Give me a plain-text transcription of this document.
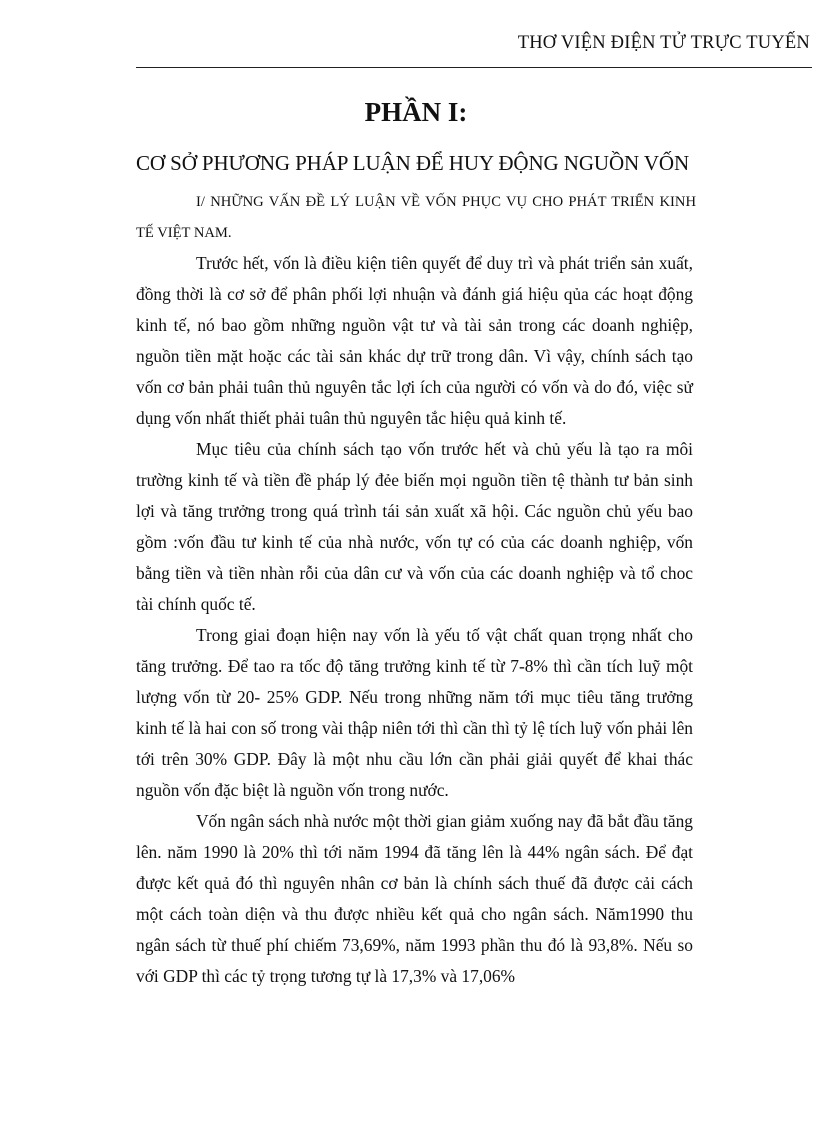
THƠ VIỆN ĐIỆN TỬ TRỰC TUYẾN
PHẦN I:
CƠ SỞ PHƯƠNG PHÁP LUẬN ĐỂ HUY ĐỘNG NGUỒN VỐN
I/ NHỮNG VẤN ĐỀ LÝ LUẬN VỀ VỐN PHỤC VỤ CHO PHÁT TRIỂN KINH
TẾ VIỆT NAM.

Trước hết, vốn là điều kiện tiên quyết để duy trì và phát triển sản xuất, đồng thời là cơ sở để phân phối lợi nhuận và đánh giá hiệu qủa các hoạt động kinh tế, nó bao gồm những nguồn vật tư và tài sản trong các doanh nghiệp, nguồn tiền mặt hoặc các tài sản khác dự trữ trong dân. Vì vậy, chính sách tạo vốn cơ bản phải tuân thủ nguyên tắc lợi ích của người có vốn và do đó, việc sử dụng vốn nhất thiết phải tuân thủ nguyên tắc hiệu quả kinh tế.

Mục tiêu của chính sách tạo vốn trước hết và chủ yếu là tạo ra môi trường kinh tế và tiền đề pháp lý đẻe biến mọi nguồn tiền tệ thành tư bản sinh lợi và tăng trưởng trong quá trình tái sản xuất xã hội. Các nguồn chủ yếu bao gồm :vốn đầu tư kinh tế của nhà nước, vốn tự có của các doanh nghiệp, vốn bằng tiền và tiền nhàn rỗi của dân cư và vốn của các doanh nghiệp và tổ choc tài chính quốc tế.

Trong giai đoạn hiện nay vốn là yếu tố vật chất quan trọng nhất cho tăng trưởng. Để tao ra tốc độ tăng trưởng kinh tế từ 7-8% thì cần tích luỹ một lượng vốn từ 20- 25% GDP. Nếu trong những năm tới mục tiêu tăng trưởng kinh tế là hai con số trong vài thập niên tới thì cần thì tỷ lệ tích luỹ vốn phải lên tới trên 30% GDP. Đây là một nhu cầu lớn cần phải giải quyết để khai thác nguồn vốn đặc biệt là nguồn vốn trong nước.

Vốn ngân sách nhà nước một thời gian giảm xuống nay đã bắt đầu tăng lên. năm 1990 là 20% thì tới năm 1994 đã tăng lên là 44% ngân sách. Để đạt được kết quả đó thì nguyên nhân cơ bản là chính sách thuế đã được cải cách một cách toàn diện và thu được nhiều kết quả cho ngân sách. Năm1990 thu ngân sách từ thuế phí chiếm 73,69%, năm 1993 phần thu đó là 93,8%. Nếu so với GDP thì các tỷ trọng tương tự là 17,3% và 17,06%
